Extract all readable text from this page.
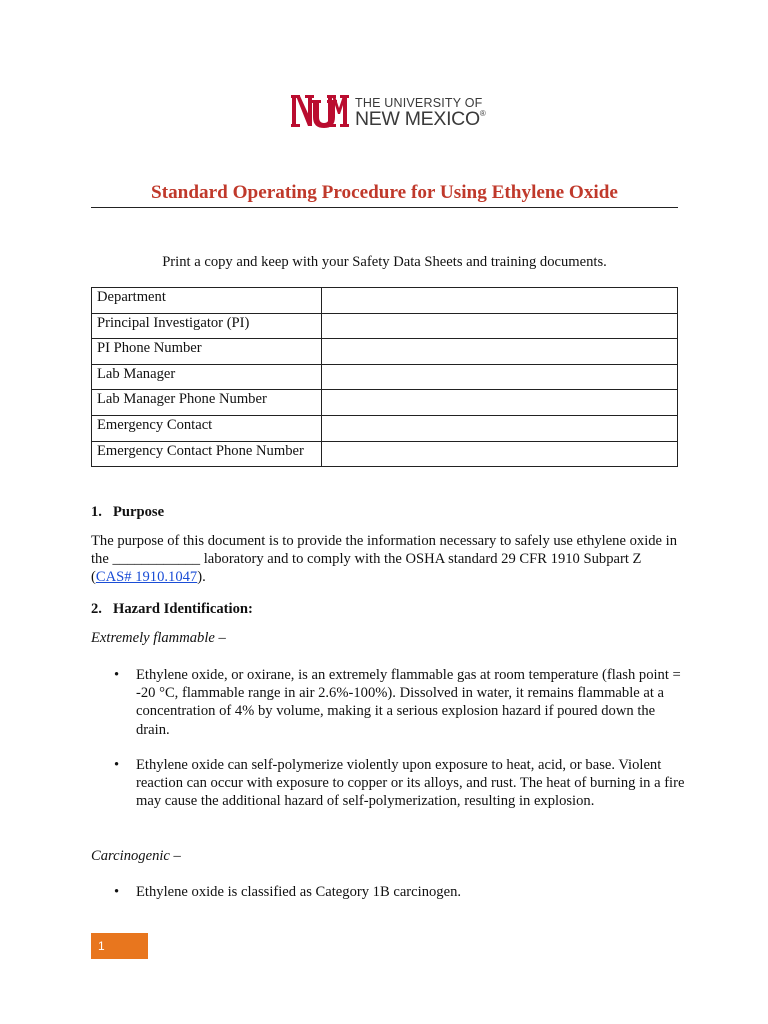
THE UNIVERSITY OF
NEW MEXICO®
Standard Operating Procedure for Using Ethylene Oxide
Print a copy and keep with your Safety Data Sheets and training documents.
Department	
Principal Investigator (PI)	
PI Phone Number	
Lab Manager	
Lab Manager Phone Number	
Emergency Contact	
Emergency Contact Phone Number	
1. Purpose
The purpose of this document is to provide the information necessary to safely use ethylene oxide in the ____________ laboratory and to comply with the OSHA standard 29 CFR 1910 Subpart Z (CAS# 1910.1047).
2. Hazard Identification:
Extremely flammable –
•	Ethylene oxide, or oxirane, is an extremely flammable gas at room temperature (flash point = -20 °C, flammable range in air 2.6%-100%). Dissolved in water, it remains flammable at a concentration of 4% by volume, making it a serious explosion hazard if poured down the drain.
•	Ethylene oxide can self-polymerize violently upon exposure to heat, acid, or base. Violent reaction can occur with exposure to copper or its alloys, and rust. The heat of burning in a fire may cause the additional hazard of self-polymerization, resulting in explosion.
Carcinogenic –
•	Ethylene oxide is classified as Category 1B carcinogen.
1
